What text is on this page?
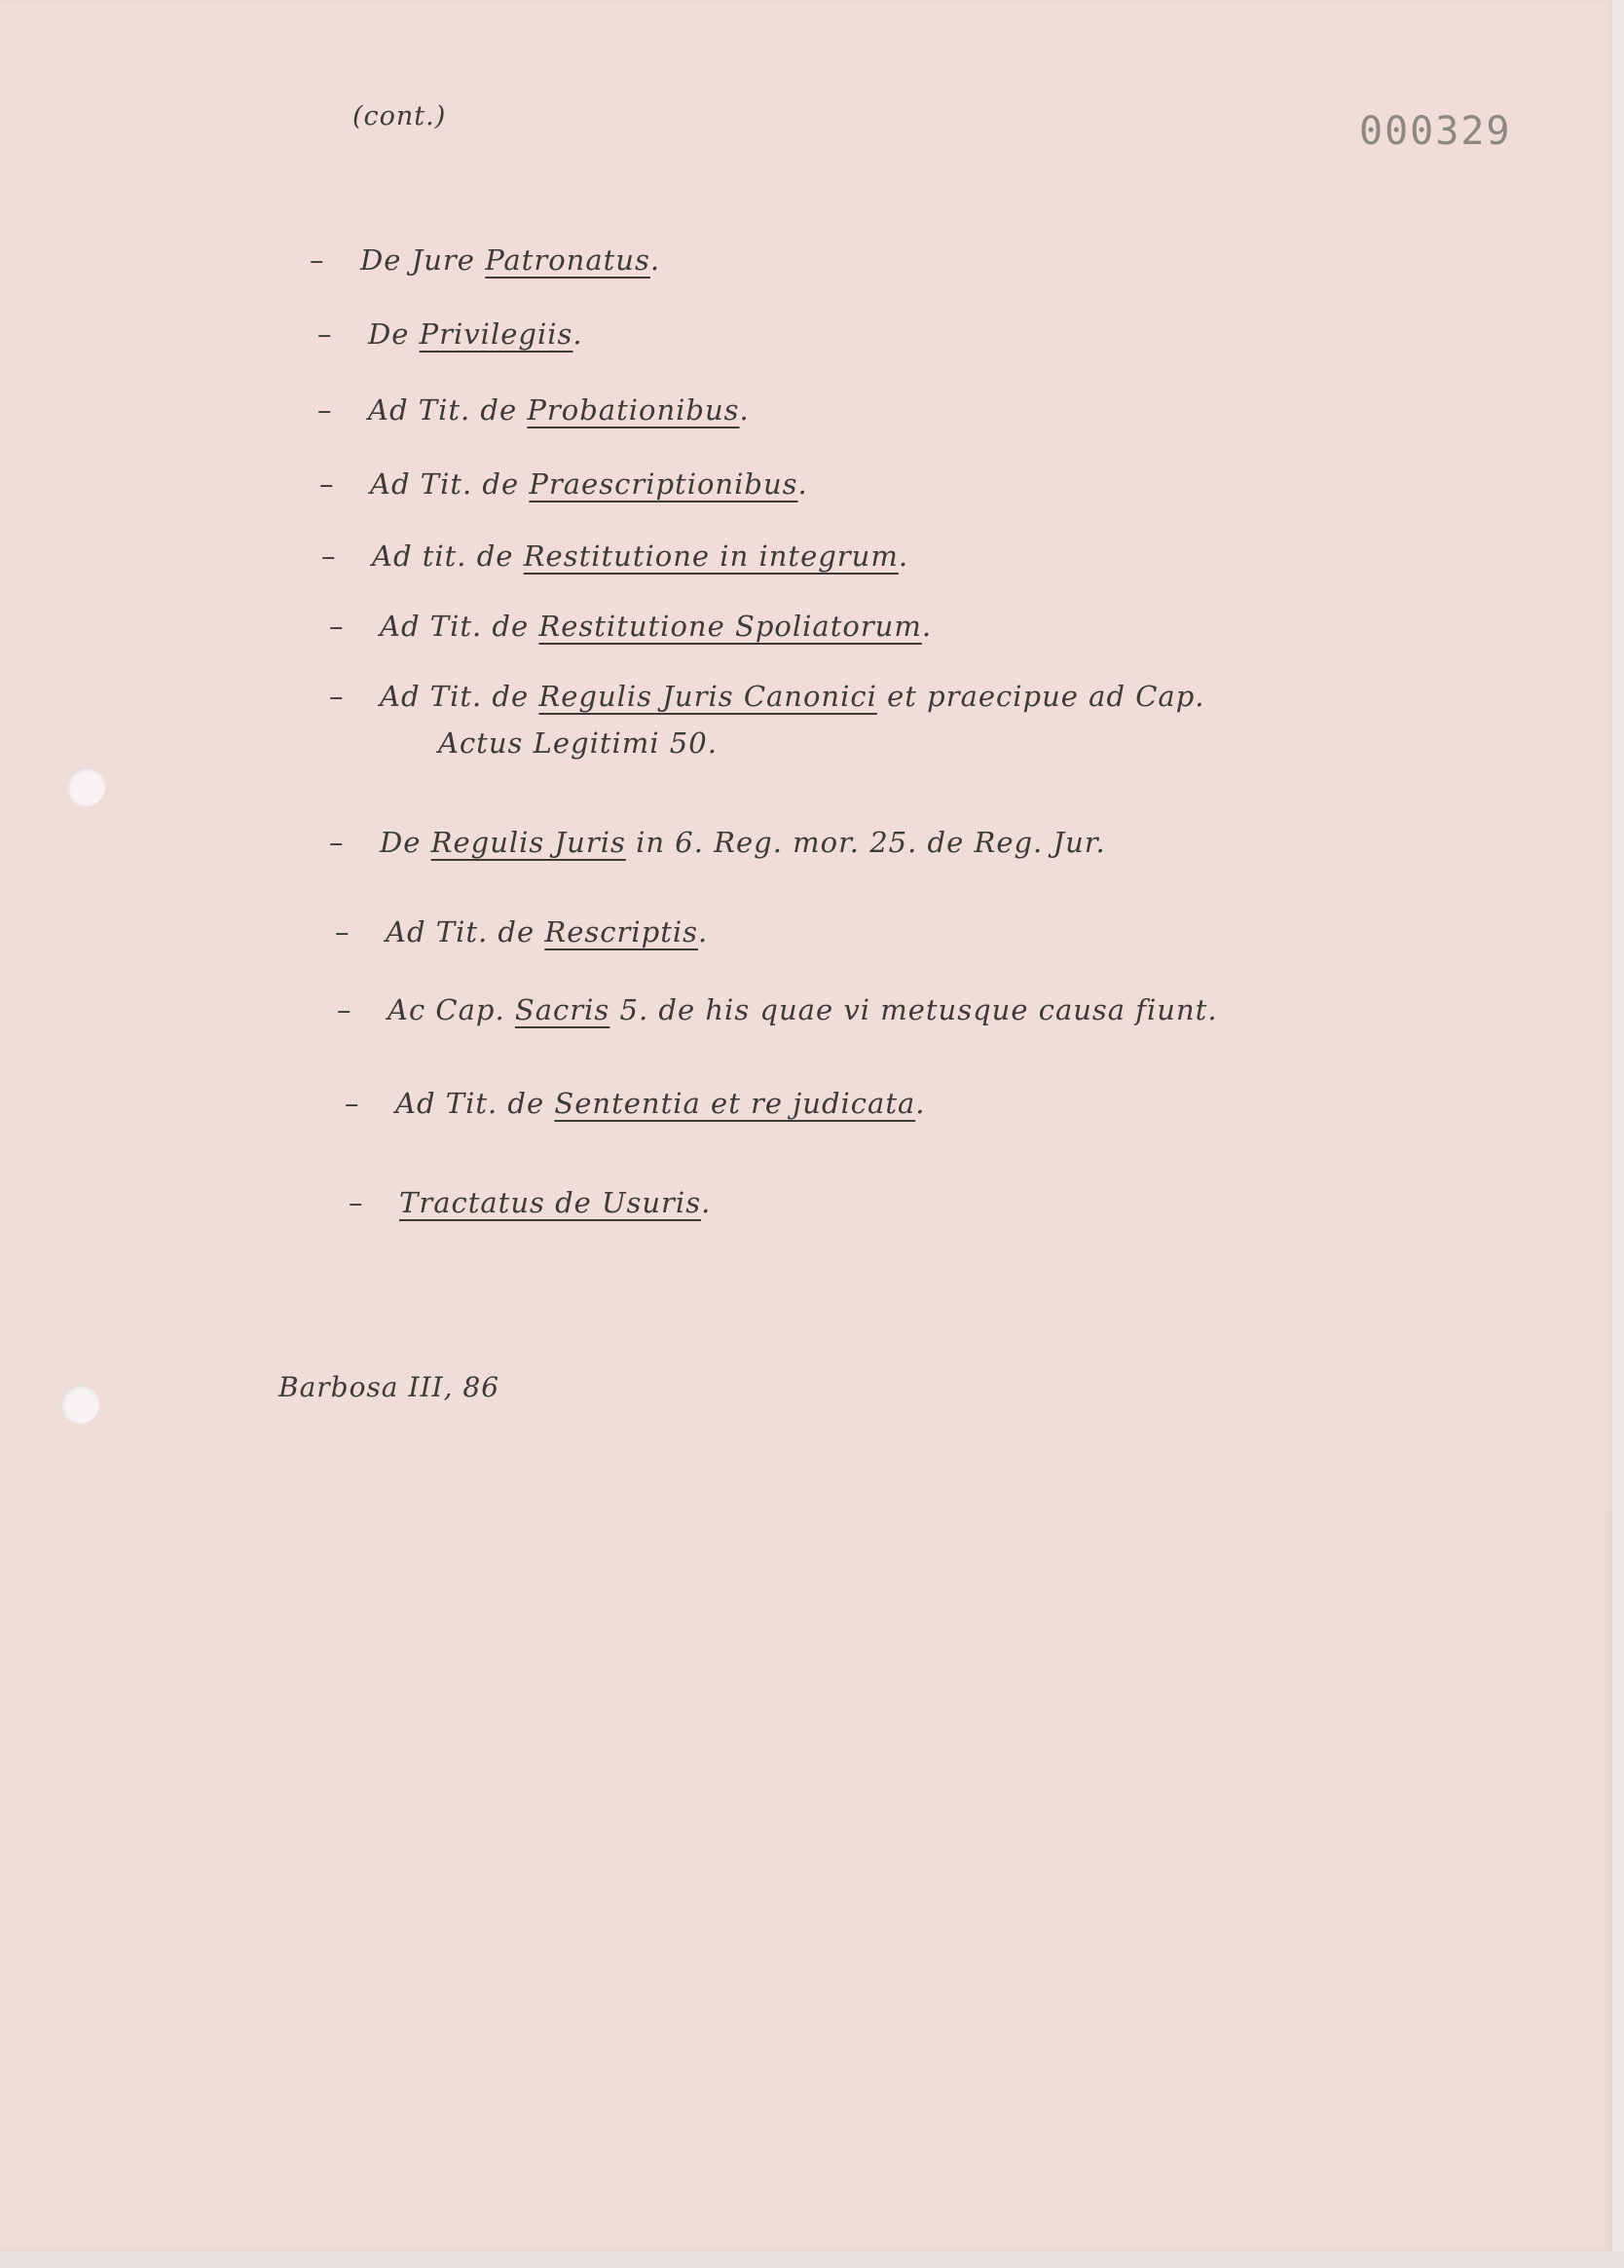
(cont.)	000329
– De Jure Patronatus.
– De Privilegiis.
– Ad Tit. de Probationibus.
– Ad Tit. de Praescriptionibus.
– Ad tit. de Restitutione in integrum.
– Ad Tit. de Restitutione Spoliatorum.
– Ad Tit. de Regulis Juris Canonici et praecipue ad Cap.
Actus Legitimi 50.
– De Regulis Juris in 6. Reg. mor. 25. de Reg. Jur.
– Ad Tit. de Rescriptis.
– Ac Cap. Sacris 5. de his quae vi metusque causa fiunt.
– Ad Tit. de Sententia et re judicata.
– Tractatus de Usuris.
Barbosa III, 86
